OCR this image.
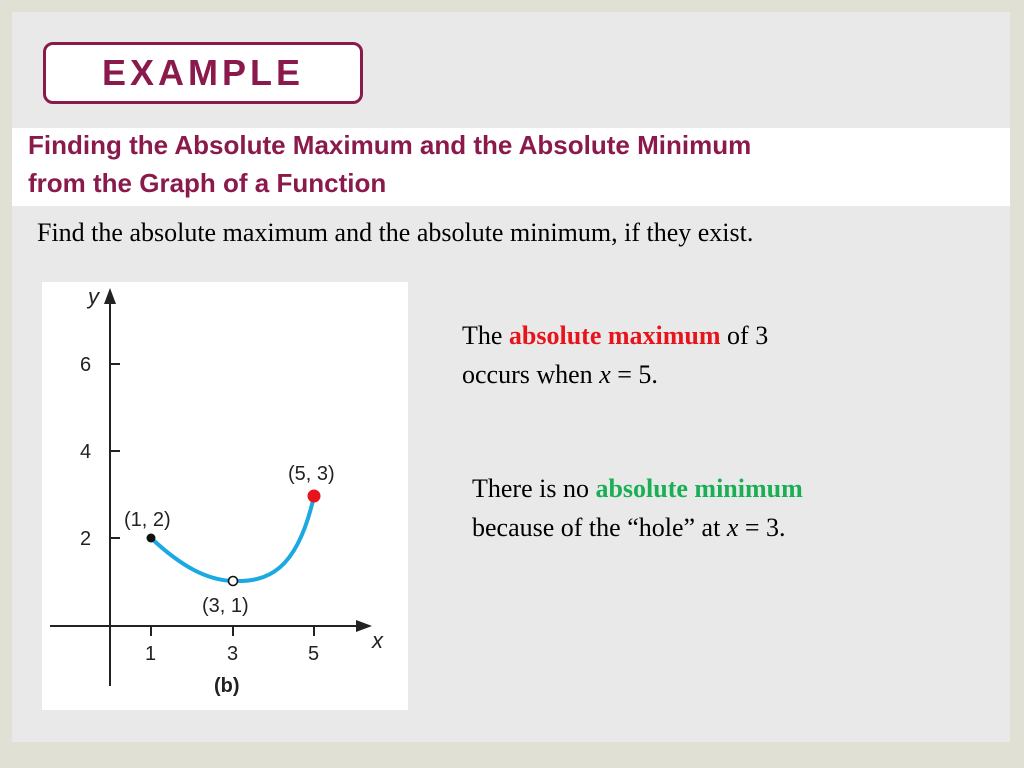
EXAMPLE
Finding the Absolute Maximum and the Absolute Minimum
from the Graph of a Function
Find the absolute maximum and the absolute minimum, if they exist.
y
x
2
4
6
1	3	5
(1, 2)
(3, 1)
(5, 3)
(b)
The absolute maximum of 3
occurs when x = 5.
There is no absolute minimum
because of the “hole” at x = 3.
